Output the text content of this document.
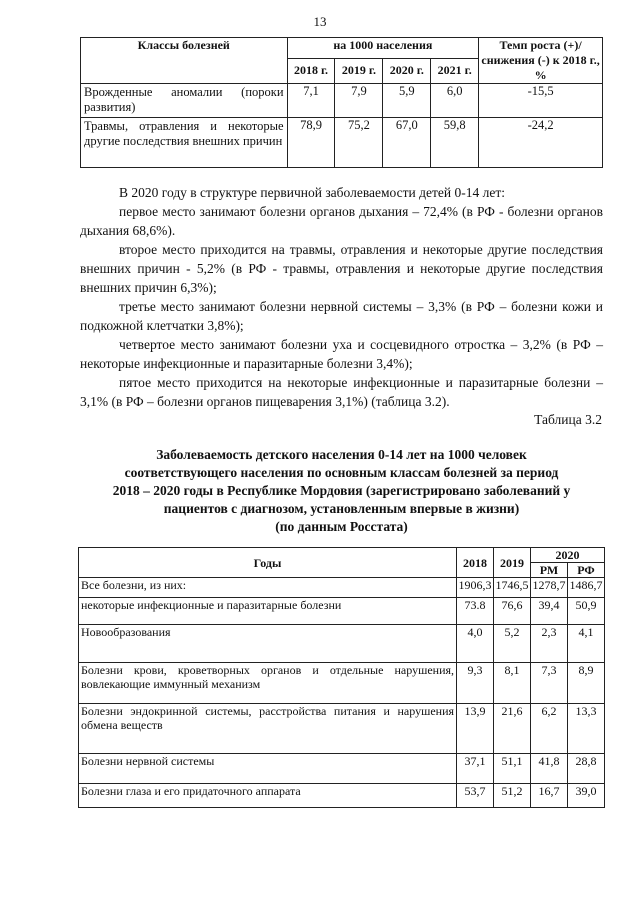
13
Классы болезней	на 1000 населения				Темп роста (+)/снижения (-) к 2018 г., %
	2018 г.	2019 г.	2020 г.	2021 г.	
Врожденные аномалии (пороки развития)	7,1	7,9	5,9	6,0	-15,5
Травмы, отравления и некоторые другие последствия внешних причин	78,9	75,2	67,0	59,8	-24,2

В 2020 году в структуре первичной заболеваемости детей 0-14 лет:

первое место занимают болезни органов дыхания – 72,4% (в РФ - болезни органов дыхания 68,6%).

второе место приходится на травмы, отравления и некоторые другие последствия внешних причин - 5,2% (в РФ - травмы, отравления и некоторые другие последствия внешних причин 6,3%);

третье место занимают болезни нервной системы – 3,3% (в РФ – болезни кожи и подкожной клетчатки 3,8%);

четвертое место занимают болезни уха и сосцевидного отростка – 3,2% (в РФ – некоторые инфекционные и паразитарные болезни 3,4%);

пятое место приходится на некоторые инфекционные и паразитарные болезни – 3,1% (в РФ – болезни органов пищеварения 3,1%) (таблица 3.2).

Таблица 3.2
Заболеваемость детского населения 0-14 лет на 1000 человек
соответствующего населения по основным классам болезней за период
2018 – 2020 годы в Республике Мордовия (зарегистрировано заболеваний у
пациентов с диагнозом, установленным впервые в жизни)
(по данным Росстата)
Годы	2018	2019	2020	
			РМ	РФ
Все болезни, из них:	1906,3	1746,5	1278,7	1486,7
некоторые инфекционные и паразитарные болезни	73.8	76,6	39,4	50,9
Новообразования	4,0	5,2	2,3	4,1
Болезни крови, кроветворных органов и отдельные нарушения, вовлекающие иммунный механизм	9,3	8,1	7,3	8,9
Болезни эндокринной системы, расстройства питания и нарушения обмена веществ	13,9	21,6	6,2	13,3
Болезни нервной системы	37,1	51,1	41,8	28,8
Болезни глаза и его придаточного аппарата	53,7	51,2	16,7	39,0
